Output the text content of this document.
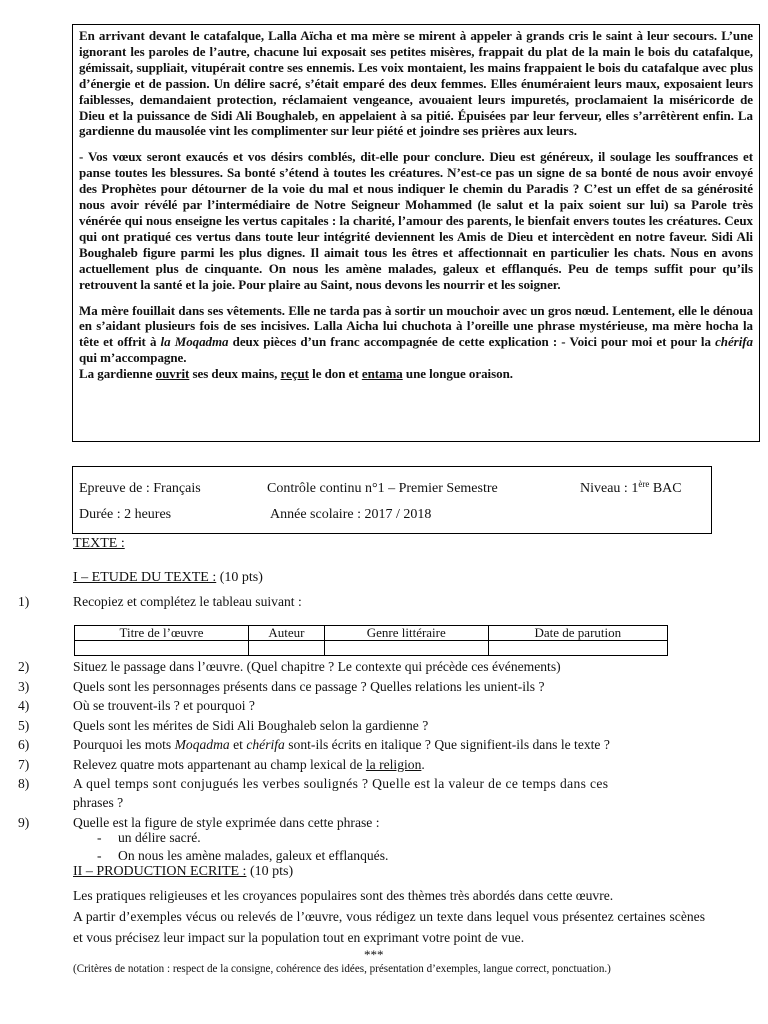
En arrivant devant le catafalque, Lalla Aïcha et ma mère se mirent à appeler à grands cris le saint à leur secours. L’une ignorant les paroles de l’autre, chacune lui exposait ses petites misères, frappait du plat de la main le bois du catafalque, gémissait, suppliait, vitupérait contre ses ennemis. Les voix montaient, les mains frappaient le bois du catafalque avec plus d’énergie et de passion. Un délire sacré, s’était emparé des deux femmes. Elles énuméraient leurs maux, exposaient leurs faiblesses, demandaient protection, réclamaient vengeance, avouaient leurs impuretés, proclamaient la miséricorde de Dieu et la puissance de Sidi Ali Boughaleb, en appelaient à sa pitié. Épuisées par leur ferveur, elles s’arrêtèrent enfin. La gardienne du mausolée vint les complimenter sur leur piété et joindre ses prières aux leurs.

- Vos vœux seront exaucés et vos désirs comblés, dit-elle pour conclure. Dieu est généreux, il soulage les souffrances et panse toutes les blessures. Sa bonté s’étend à toutes les créatures. N’est-ce pas un signe de sa bonté de nous avoir envoyé des Prophètes pour détourner de la voie du mal et nous indiquer le chemin du Paradis ? C’est un effet de sa générosité nous avoir révélé par l’intermédiaire de Notre Seigneur Mohammed (le salut et la paix soient sur lui) sa Parole très vénérée qui nous enseigne les vertus capitales : la charité, l’amour des parents, le bienfait envers toutes les créatures. Ceux qui ont pratiqué ces vertus dans toute leur intégrité deviennent les Amis de Dieu et intercèdent en notre faveur. Sidi Ali Boughaleb figure parmi les plus dignes. Il aimait tous les êtres et affectionnait en particulier les chats. Nous en avons actuellement plus de cinquante. On nous les amène malades, galeux et efflanqués. Peu de temps suffit pour qu’ils retrouvent la santé et la joie. Pour plaire au Saint, nous devons les nourrir et les soigner.

Ma mère fouillait dans ses vêtements. Elle ne tarda pas à sortir un mouchoir avec un gros nœud. Lentement, elle le dénoua en s’aidant plusieurs fois de ses incisives. Lalla Aicha lui chuchota à l’oreille une phrase mystérieuse, ma mère hocha la tête et offrit à la Moqadma deux pièces d’un franc accompagnée de cette explication : - Voici pour moi et pour la chérifa qui m’accompagne.
La gardienne ouvrit ses deux mains, reçut le don et entama une longue oraison.

Epreuve de : Français	Contrôle continu n°1 – Premier Semestre	Niveau : 1ère BAC
Durée : 2 heures	Année scolaire : 2017 / 2018
TEXTE :
I – ETUDE DU TEXTE : (10 pts)
1)	Recopiez et complétez le tableau suivant :
Titre de l’œuvre	Auteur	Genre littéraire	Date de parution

2)	Situez le passage dans l’œuvre. (Quel chapitre ? Le contexte qui précède ces événements)
3)	Quels sont les personnages présents dans ce passage ? Quelles relations les unient-ils ?
4)	Où se trouvent-ils ? et pourquoi ?
5)	Quels sont les mérites de Sidi Ali Boughaleb selon la gardienne ?
6)	Pourquoi les mots Moqadma et chérifa sont-ils écrits en italique ? Que signifient-ils dans le texte ?
7)	Relevez quatre mots appartenant au champ lexical de la religion.
8)	A quel temps sont conjugués les verbes soulignés ? Quelle est la valeur de ce temps dans ces
phrases ?
9)	Quelle est la figure de style exprimée dans cette phrase :
- un délire sacré.
- On nous les amène malades, galeux et efflanqués.
II – PRODUCTION ECRITE : (10 pts)

Les pratiques religieuses et les croyances populaires sont des thèmes très abordés dans cette œuvre.

A partir d’exemples vécus ou relevés de l’œuvre, vous rédigez un texte dans lequel vous présentez certaines scènes et vous précisez leur impact sur la population tout en exprimant votre point de vue.

***
(Critères de notation : respect de la consigne, cohérence des idées, présentation d’exemples, langue correct, ponctuation.)
